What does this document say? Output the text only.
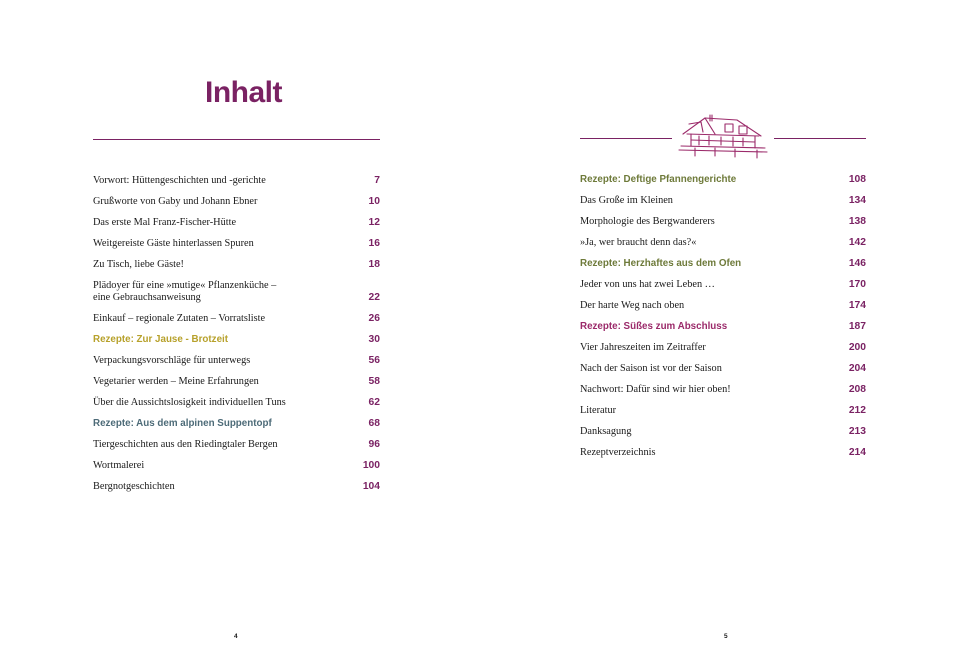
Inhalt
Vorwort: Hüttengeschichten und -gerichte	7
Grußworte von Gaby und Johann Ebner	10
Das erste Mal Franz-Fischer-Hütte	12
Weitgereiste Gäste hinterlassen Spuren	16
Zu Tisch, liebe Gäste!	18
Plädoyer für eine »mutige« Pflanzenküche –
eine Gebrauchsanweisung	22
Einkauf – regionale Zutaten – Vorratsliste	26
Rezepte: Zur Jause - Brotzeit	30
Verpackungsvorschläge für unterwegs	56
Vegetarier werden – Meine Erfahrungen	58
Über die Aussichtslosigkeit individuellen Tuns	62
Rezepte: Aus dem alpinen Suppentopf	68
Tiergeschichten aus den Riedingtaler Bergen	96
Wortmalerei	100
Bergnotgeschichten	104
4
Rezepte: Deftige Pfannengerichte	108
Das Große im Kleinen	134
Morphologie des Bergwanderers	138
»Ja, wer braucht denn das?«	142
Rezepte: Herzhaftes aus dem Ofen	146
Jeder von uns hat zwei Leben …	170
Der harte Weg nach oben	174
Rezepte: Süßes zum Abschluss	187
Vier Jahreszeiten im Zeitraffer	200
Nach der Saison ist vor der Saison	204
Nachwort: Dafür sind wir hier oben!	208
Literatur	212
Danksagung	213
Rezeptverzeichnis	214
5
